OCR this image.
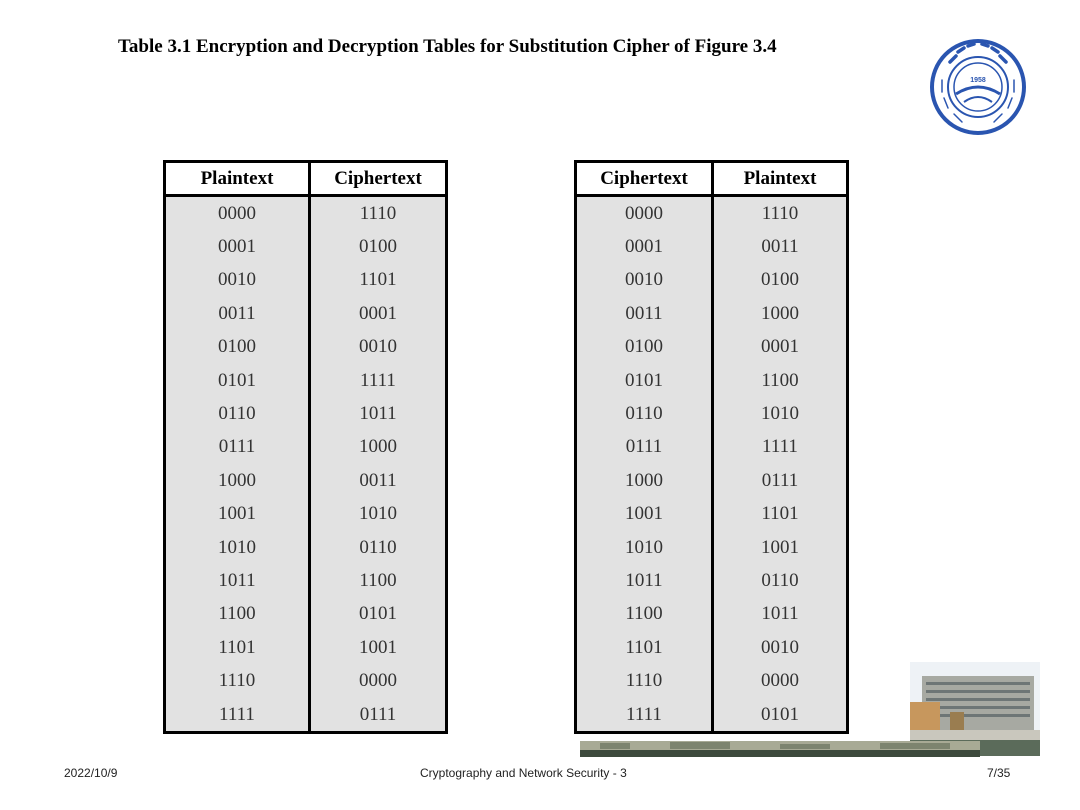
Table 3.1 Encryption and Decryption Tables for Substitution Cipher of Figure 3.4
1958
Plaintext	Ciphertext
0000	1110
0001	0100
0010	1101
0011	0001
0100	0010
0101	1111
0110	1011
0111	1000
1000	0011
1001	1010
1010	0110
1011	1100
1100	0101
1101	1001
1110	0000
1111	0111
Ciphertext	Plaintext
0000	1110
0001	0011
0010	0100
0011	1000
0100	0001
0101	1100
0110	1010
0111	1111
1000	0111
1001	1101
1010	1001
1011	0110
1100	1011
1101	0010
1110	0000
1111	0101
2022/10/9	Cryptography and Network Security - 3	7/35
